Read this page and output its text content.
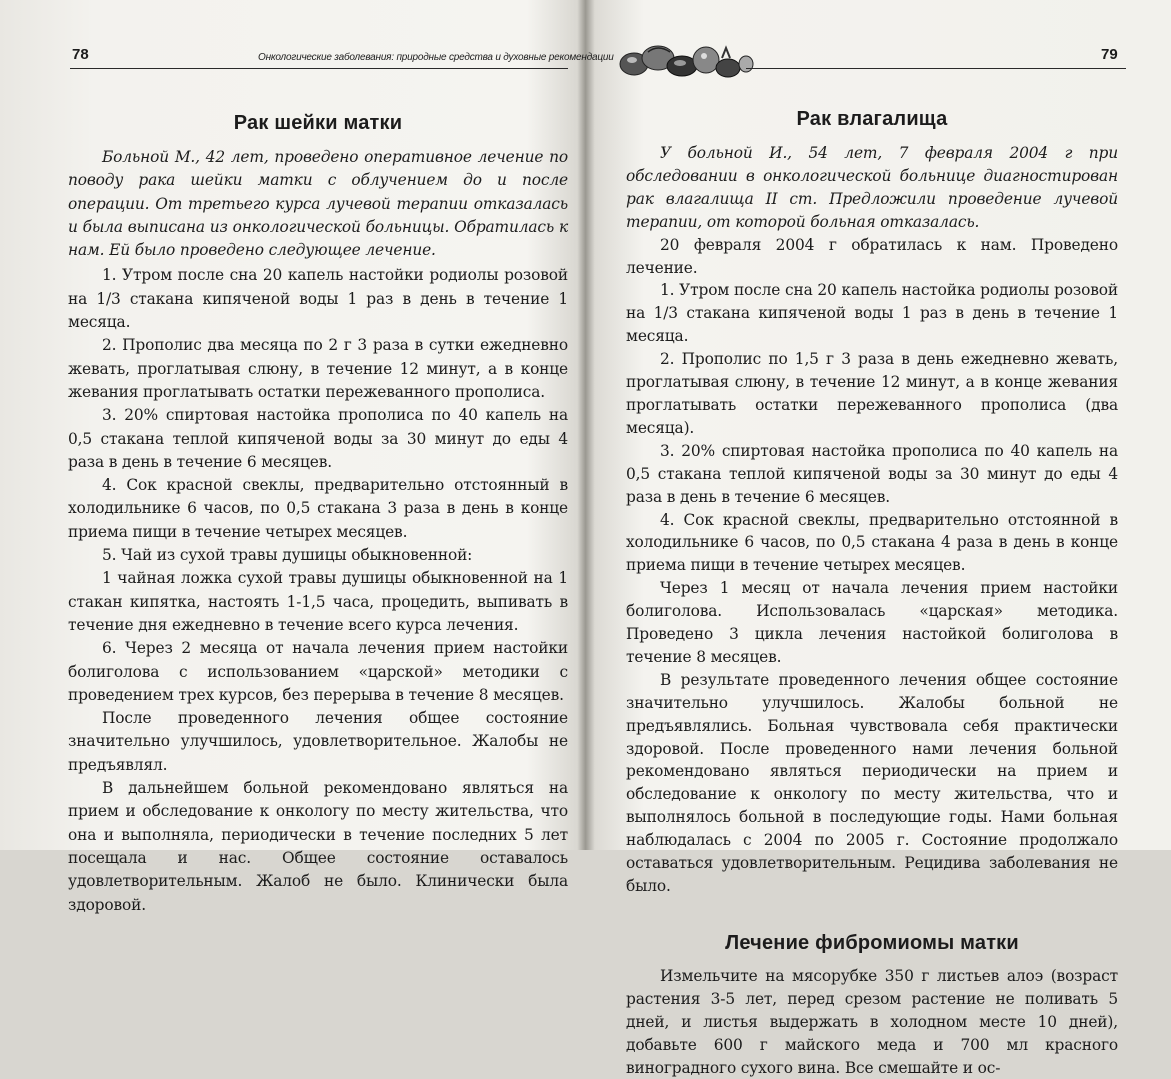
78	Онкологические заболевания: природные средства и духовные рекомендации
Рак шейки матки

Больной М., 42 лет, проведено оперативное лечение по поводу рака шейки матки с облучением до и после операции. От третьего курса лучевой терапии отказалась и была выписана из онкологической больницы. Обратилась к нам. Ей было проведено следующее лечение.

1. Утром после сна 20 капель настойки родиолы розовой на 1/3 стакана кипяченой воды 1 раз в день в течение 1 месяца.

2. Прополис два месяца по 2 г 3 раза в сутки ежедневно жевать, проглатывая слюну, в течение 12 минут, а в конце жевания проглатывать остатки пережеванного прополиса.

3. 20% спиртовая настойка прополиса по 40 капель на 0,5 стакана теплой кипяченой воды за 30 минут до еды 4 раза в день в течение 6 месяцев.

4. Сок красной свеклы, предварительно отстоянный в холодильнике 6 часов, по 0,5 стакана 3 раза в день в конце приема пищи в течение четырех месяцев.

5. Чай из сухой травы душицы обыкновенной:

1 чайная ложка сухой травы душицы обыкновенной на 1 стакан кипятка, настоять 1-1,5 часа, процедить, выпивать в течение дня ежедневно в течение всего курса лечения.

6. Через 2 месяца от начала лечения прием настойки болиголова с использованием «царской» методики с проведением трех курсов, без перерыва в течение 8 месяцев.

После проведенного лечения общее состояние значительно улучшилось, удовлетворительное. Жалобы не предъявлял.

В дальнейшем больной рекомендовано являться на прием и обследование к онкологу по месту жительства, что она и выполняла, периодически в течение последних 5 лет посещала и нас. Общее состояние оставалось удовлетворительным. Жалоб не было. Клинически была здоровой.

79
Рак влагалища

У больной И., 54 лет, 7 февраля 2004 г при обследовании в онкологической больнице диагностирован рак влагалища II ст. Предложили проведение лучевой терапии, от которой больная отказалась.

20 февраля 2004 г обратилась к нам. Проведено лечение.

1. Утром после сна 20 капель настойка родиолы розовой на 1/3 стакана кипяченой воды 1 раз в день в течение 1 месяца.

2. Прополис по 1,5 г 3 раза в день ежедневно жевать, проглатывая слюну, в течение 12 минут, а в конце жевания проглатывать остатки пережеванного прополиса (два месяца).

3. 20% спиртовая настойка прополиса по 40 капель на 0,5 стакана теплой кипяченой воды за 30 минут до еды 4 раза в день в течение 6 месяцев.

4. Сок красной свеклы, предварительно отстоянной в холодильнике 6 часов, по 0,5 стакана 4 раза в день в конце приема пищи в течение четырех месяцев.

Через 1 месяц от начала лечения прием настойки болиголова. Использовалась «царская» методика. Проведено 3 цикла лечения настойкой болиголова в течение 8 месяцев.

В результате проведенного лечения общее состояние значительно улучшилось. Жалобы больной не предъявлялись. Больная чувствовала себя практически здоровой. После проведенного нами лечения больной рекомендовано являться периодически на прием и обследование к онкологу по месту жительства, что и выполнялось больной в последующие годы. Нами больная наблюдалась с 2004 по 2005 г. Состояние продолжало оставаться удовлетворительным. Рецидива заболевания не было.

Лечение фибромиомы матки

Измельчите на мясорубке 350 г листьев алоэ (возраст растения 3-5 лет, перед срезом растение не поливать 5 дней, и листья выдержать в холодном месте 10 дней), добавьте 600 г майского меда и 700 мл красного виноградного сухого вина. Все смешайте и ос-
